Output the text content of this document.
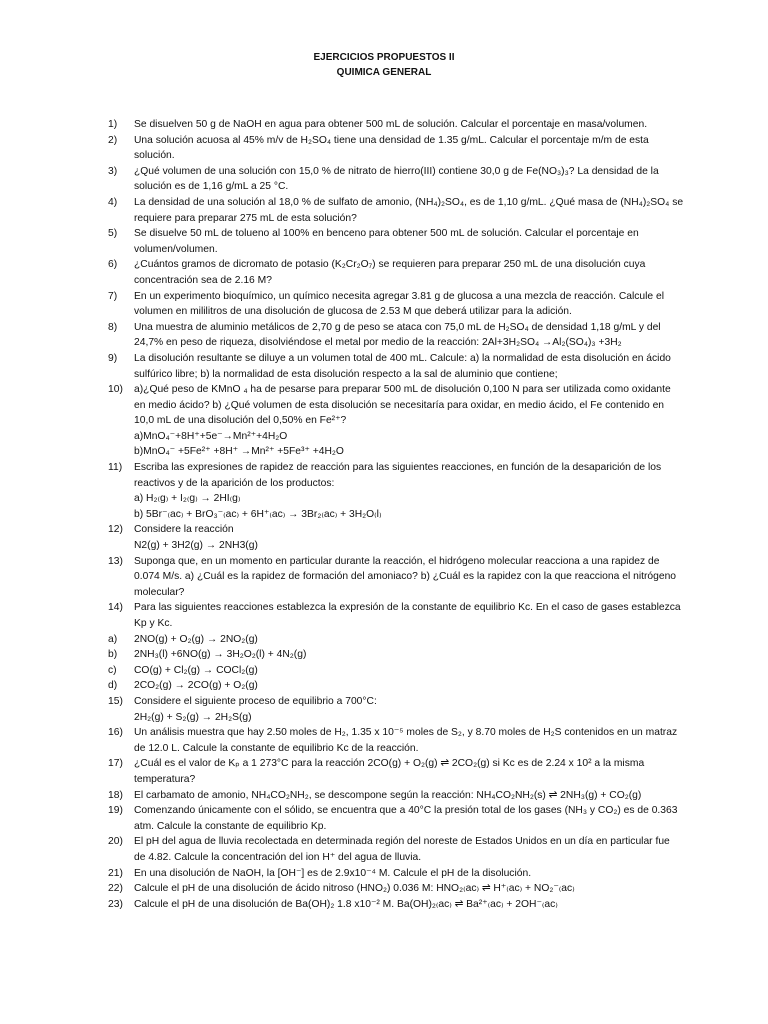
EJERCICIOS PROPUESTOS II
QUIMICA GENERAL
1)	Se disuelven 50 g de NaOH en agua para obtener 500 mL de solución. Calcular el porcentaje en masa/volumen.
2)	Una solución acuosa al 45% m/v de H₂SO₄ tiene una densidad de 1.35 g/mL. Calcular el porcentaje m/m de esta solución.
3)	¿Qué volumen de una solución con 15,0 % de nitrato de hierro(III) contiene 30,0 g de Fe(NO₃)₃? La densidad de la solución es de 1,16 g/mL a 25 °C.
4)	La densidad de una solución al 18,0 % de sulfato de amonio, (NH₄)₂SO₄, es de 1,10 g/mL. ¿Qué masa de (NH₄)₂SO₄ se requiere para preparar 275 mL de esta solución?
5)	Se disuelve 50 mL de tolueno al 100% en benceno para obtener 500 mL de solución. Calcular el porcentaje en volumen/volumen.
6)	¿Cuántos gramos de dicromato de potasio (K₂Cr₂O₇) se requieren para preparar 250 mL de una disolución cuya concentración sea de 2.16 M?
7)	En un experimento bioquímico, un químico necesita agregar 3.81 g de glucosa a una mezcla de reacción. Calcule el volumen en mililitros de una disolución de glucosa de 2.53 M que deberá utilizar para la adición.
8)	Una muestra de aluminio metálicos de 2,70 g de peso se ataca con 75,0 mL de H₂SO₄ de densidad 1,18 g/mL y del 24,7% en peso de riqueza, disolviéndose el metal por medio de la reacción: 2Al+3H₂SO₄ →Al₂(SO₄)₃ +3H₂
9)	La disolución resultante se diluye a un volumen total de 400 mL. Calcule: a) la normalidad de esta disolución en ácido sulfúrico libre; b) la normalidad de esta disolución respecto a la sal de aluminio que contiene;
10)	a)¿Qué peso de KMnO ₄ ha de pesarse para preparar 500 mL de disolución 0,100 N para ser utilizada como oxidante en medio ácido? b) ¿Qué volumen de esta disolución se necesitaría para oxidar, en medio ácido, el Fe contenido en 10,0 mL de una disolución del 0,50% en Fe²⁺?
a)MnO₄⁻+8H⁺+5e⁻→Mn²⁺+4H₂O
b)MnO₄⁻ +5Fe²⁺ +8H⁺ →Mn²⁺ +5Fe³⁺ +4H₂O
11)	Escriba las expresiones de rapidez de reacción para las siguientes reacciones, en función de la desaparición de los reactivos y de la aparición de los productos:
a) H₂₍g₎ + I₂₍g₎ → 2HI₍g₎
b) 5Br⁻₍ac₎ + BrO₃⁻₍ac₎ + 6H⁺₍ac₎ → 3Br₂₍ac₎ + 3H₂O₍l₎
12)	Considere la reacción
N2(g) + 3H2(g) → 2NH3(g)
13)	Suponga que, en un momento en particular durante la reacción, el hidrógeno molecular reacciona a una rapidez de 0.074 M/s. a) ¿Cuál es la rapidez de formación del amoniaco? b) ¿Cuál es la rapidez con la que reacciona el nitrógeno molecular?
14)	Para las siguientes reacciones establezca la expresión de la constante de equilibrio Kc. En el caso de gases establezca Kp y Kc.
a)	2NO(g) + O₂(g) → 2NO₂(g)
b)	2NH₃(l) +6NO(g) → 3H₂O₂(l) + 4N₂(g)
c)	CO(g) + Cl₂(g) → COCl₂(g)
d)	2CO₂(g) → 2CO(g) + O₂(g)
15)	Considere el siguiente proceso de equilibrio a 700°C:
2H₂(g) + S₂(g) → 2H₂S(g)
16)	Un análisis muestra que hay 2.50 moles de H₂, 1.35 x 10⁻⁵ moles de S₂, y 8.70 moles de H₂S contenidos en un matraz de 12.0 L. Calcule la constante de equilibrio Kc de la reacción.
17)	¿Cuál es el valor de Kₚ a 1 273°C para la reacción 2CO(g) + O₂(g) ⇌ 2CO₂(g) si Kc es de 2.24 x 10² a la misma temperatura?
18)	El carbamato de amonio, NH₄CO₂NH₂, se descompone según la reacción: NH₄CO₂NH₂(s) ⇌ 2NH₃(g) + CO₂(g)
19)	Comenzando únicamente con el sólido, se encuentra que a 40°C la presión total de los gases (NH₃ y CO₂) es de 0.363 atm. Calcule la constante de equilibrio Kp.
20)	El pH del agua de lluvia recolectada en determinada región del noreste de Estados Unidos en un día en particular fue de 4.82. Calcule la concentración del ion H⁺ del agua de lluvia.
21)	En una disolución de NaOH, la [OH⁻] es de 2.9x10⁻⁴ M. Calcule el pH de la disolución.
22)	Calcule el pH de una disolución de ácido nitroso (HNO₂) 0.036 M: HNO₂₍ac₎ ⇌ H⁺₍ac₎ + NO₂⁻₍ac₎
23)	Calcule el pH de una disolución de Ba(OH)₂ 1.8 x10⁻² M. Ba(OH)₂₍ac₎ ⇌ Ba²⁺₍ac₎ + 2OH⁻₍ac₎
